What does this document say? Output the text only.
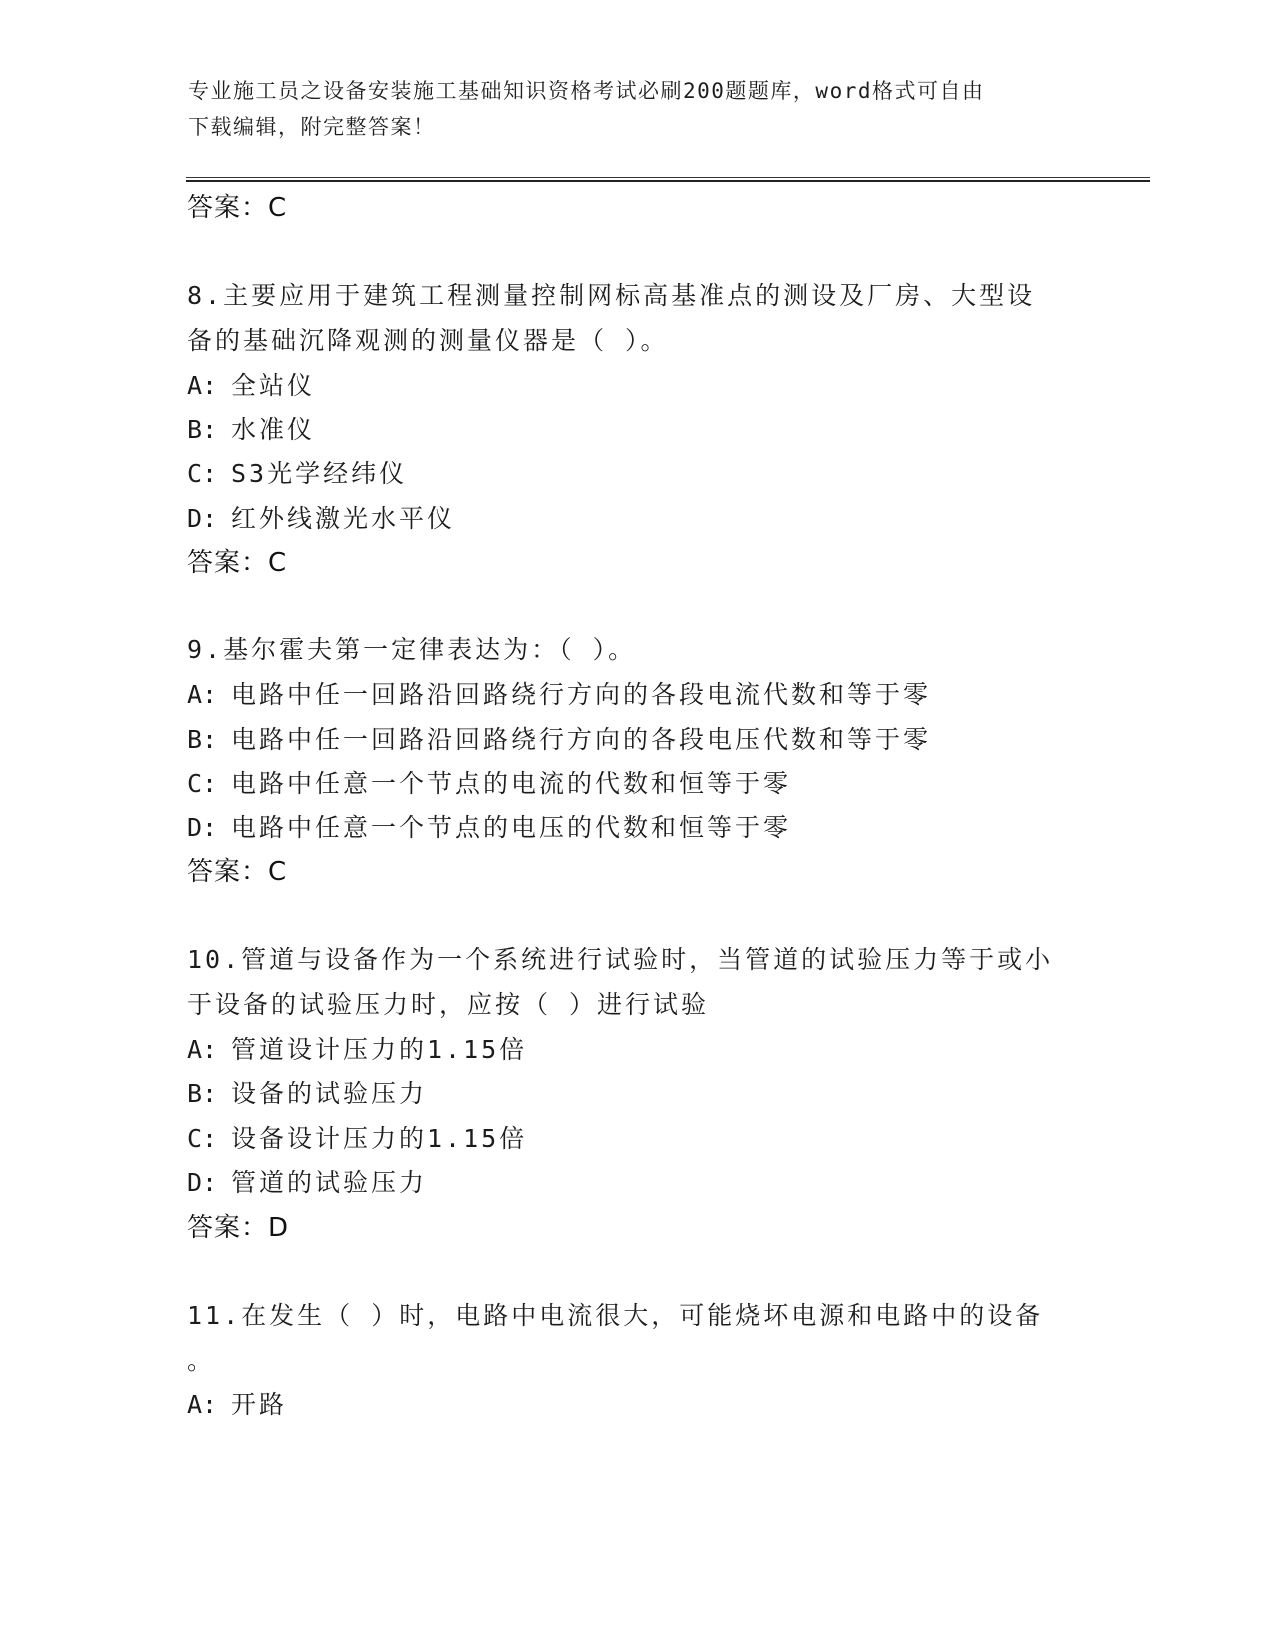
专业施工员之设备安装施工基础知识资格考试必刷200题题库，word格式可自由
下载编辑，附完整答案！
答案：C
8.主要应用于建筑工程测量控制网标高基准点的测设及厂房、大型设
备的基础沉降观测的测量仪器是（ ）。
A: 全站仪
B: 水准仪
C: S3光学经纬仪
D: 红外线激光水平仪
答案：C
9.基尔霍夫第一定律表达为：（ ）。
A: 电路中任一回路沿回路绕行方向的各段电流代数和等于零
B: 电路中任一回路沿回路绕行方向的各段电压代数和等于零
C: 电路中任意一个节点的电流的代数和恒等于零
D: 电路中任意一个节点的电压的代数和恒等于零
答案：C
10.管道与设备作为一个系统进行试验时，当管道的试验压力等于或小
于设备的试验压力时，应按（ ）进行试验
A: 管道设计压力的1.15倍
B: 设备的试验压力
C: 设备设计压力的1.15倍
D: 管道的试验压力
答案：D
11.在发生（ ）时，电路中电流很大，可能烧坏电源和电路中的设备
。
A: 开路
